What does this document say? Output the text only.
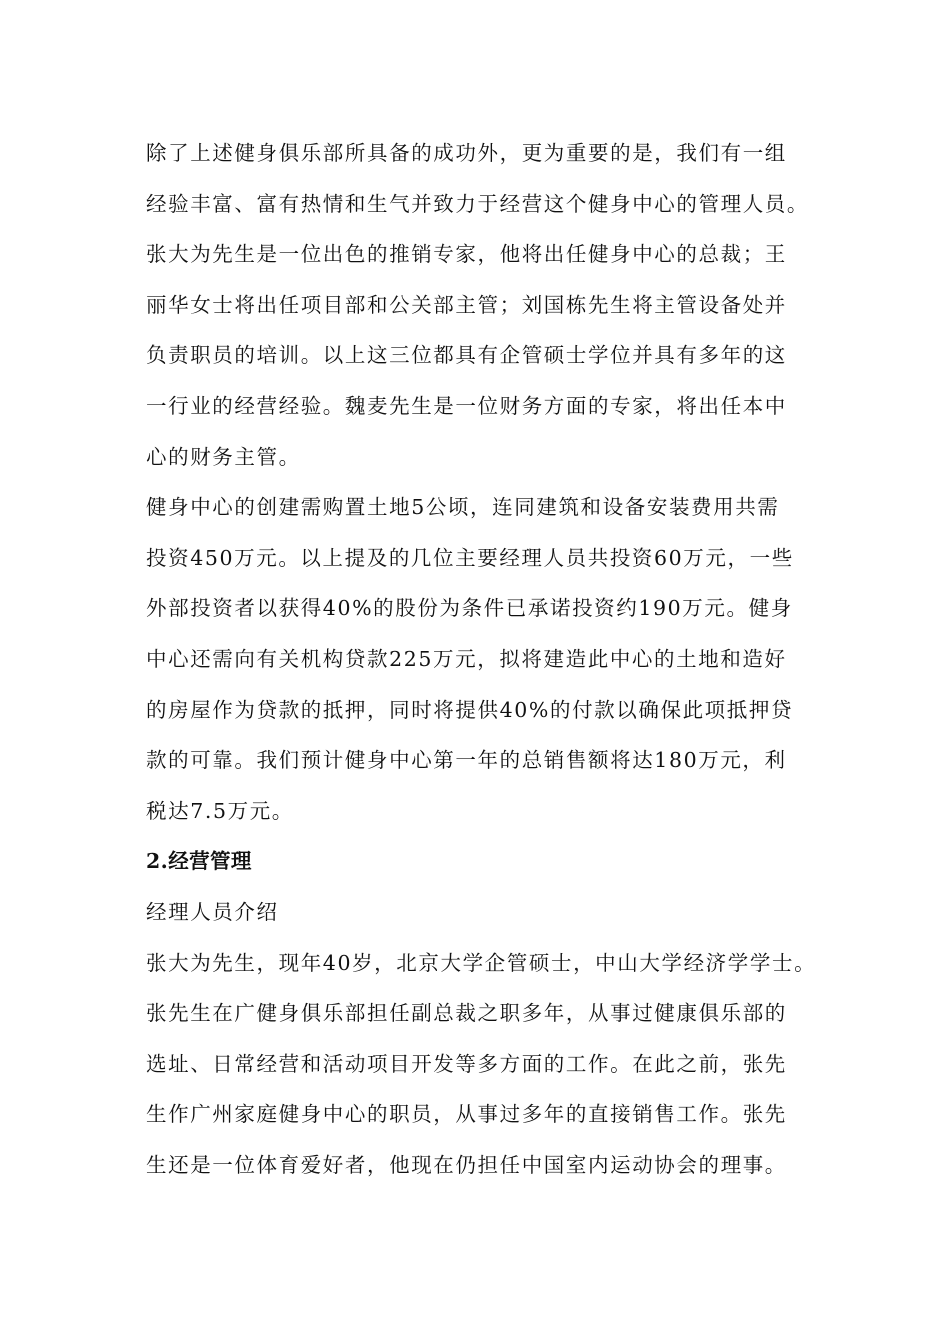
除了上述健身俱乐部所具备的成功外，更为重要的是，我们有一组
经验丰富、富有热情和生气并致力于经营这个健身中心的管理人员。
张大为先生是一位出色的推销专家，他将出任健身中心的总裁；王
丽华女士将出任项目部和公关部主管；刘国栋先生将主管设备处并
负责职员的培训。以上这三位都具有企管硕士学位并具有多年的这
一行业的经营经验。魏麦先生是一位财务方面的专家，将出任本中
心的财务主管。
健身中心的创建需购置土地5公顷，连同建筑和设备安装费用共需
投资450万元。以上提及的几位主要经理人员共投资60万元，一些
外部投资者以获得40%的股份为条件已承诺投资约190万元。健身
中心还需向有关机构贷款225万元，拟将建造此中心的土地和造好
的房屋作为贷款的抵押，同时将提供40%的付款以确保此项抵押贷
款的可靠。我们预计健身中心第一年的总销售额将达180万元，利
税达7.5万元。
2.经营管理
经理人员介绍
张大为先生，现年40岁，北京大学企管硕士，中山大学经济学学士。
张先生在广健身俱乐部担任副总裁之职多年，从事过健康俱乐部的
选址、日常经营和活动项目开发等多方面的工作。在此之前，张先
生作广州家庭健身中心的职员，从事过多年的直接销售工作。张先
生还是一位体育爱好者，他现在仍担任中国室内运动协会的理事。
